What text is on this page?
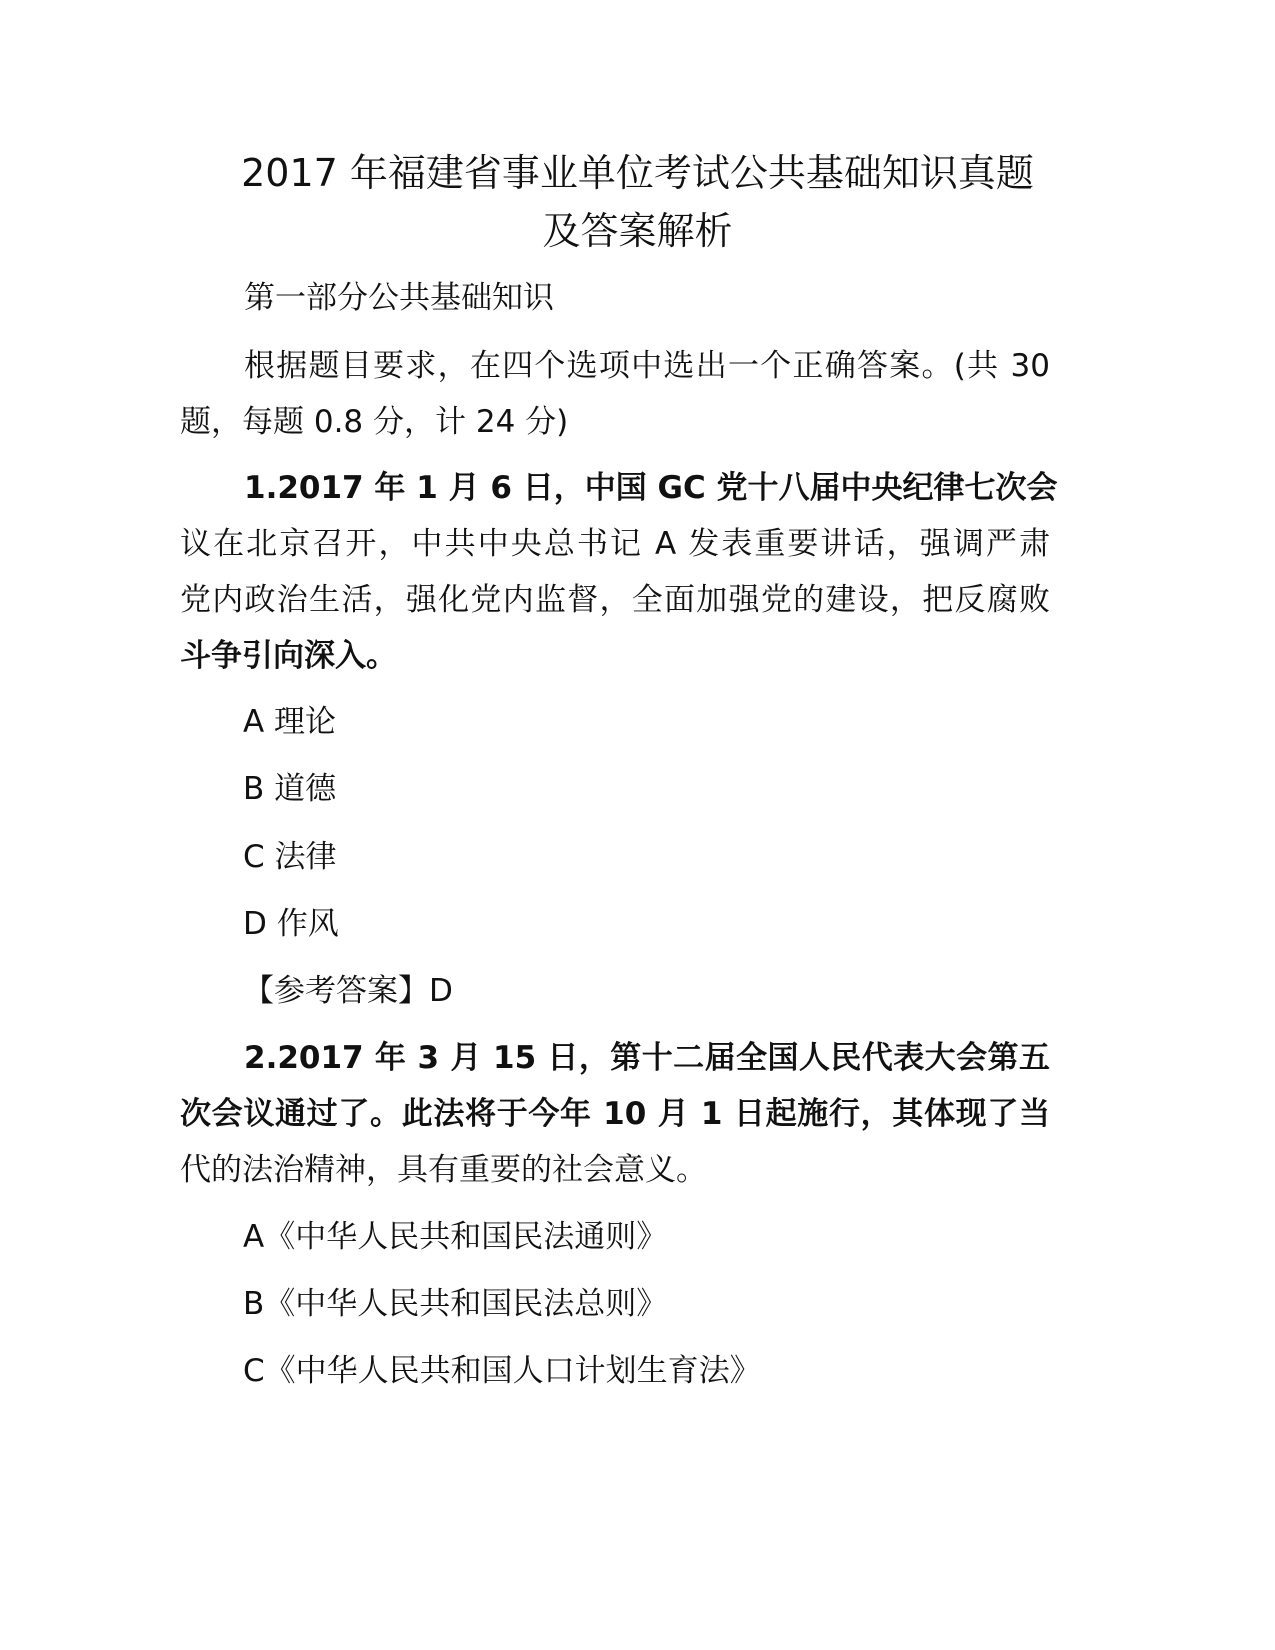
2017 年福建省事业单位考试公共基础知识真题
及答案解析
第一部分公共基础知识
根据题目要求，在四个选项中选出一个正确答案。(共 30
题，每题 0.8 分，计 24 分)
1.2017 年 1 月 6 日，中国 GC 党十八届中央纪律七次会
议在北京召开，中共中央总书记 A 发表重要讲话，强调严肃
党内政治生活，强化党内监督，全面加强党的建设，把反腐败
斗争引向深入。
A 理论
B 道德
C 法律
D 作风
【参考答案】D
2.2017 年 3 月 15 日，第十二届全国人民代表大会第五
次会议通过了。此法将于今年 10 月 1 日起施行，其体现了当
代的法治精神，具有重要的社会意义。
A《中华人民共和国民法通则》
B《中华人民共和国民法总则》
C《中华人民共和国人口计划生育法》
